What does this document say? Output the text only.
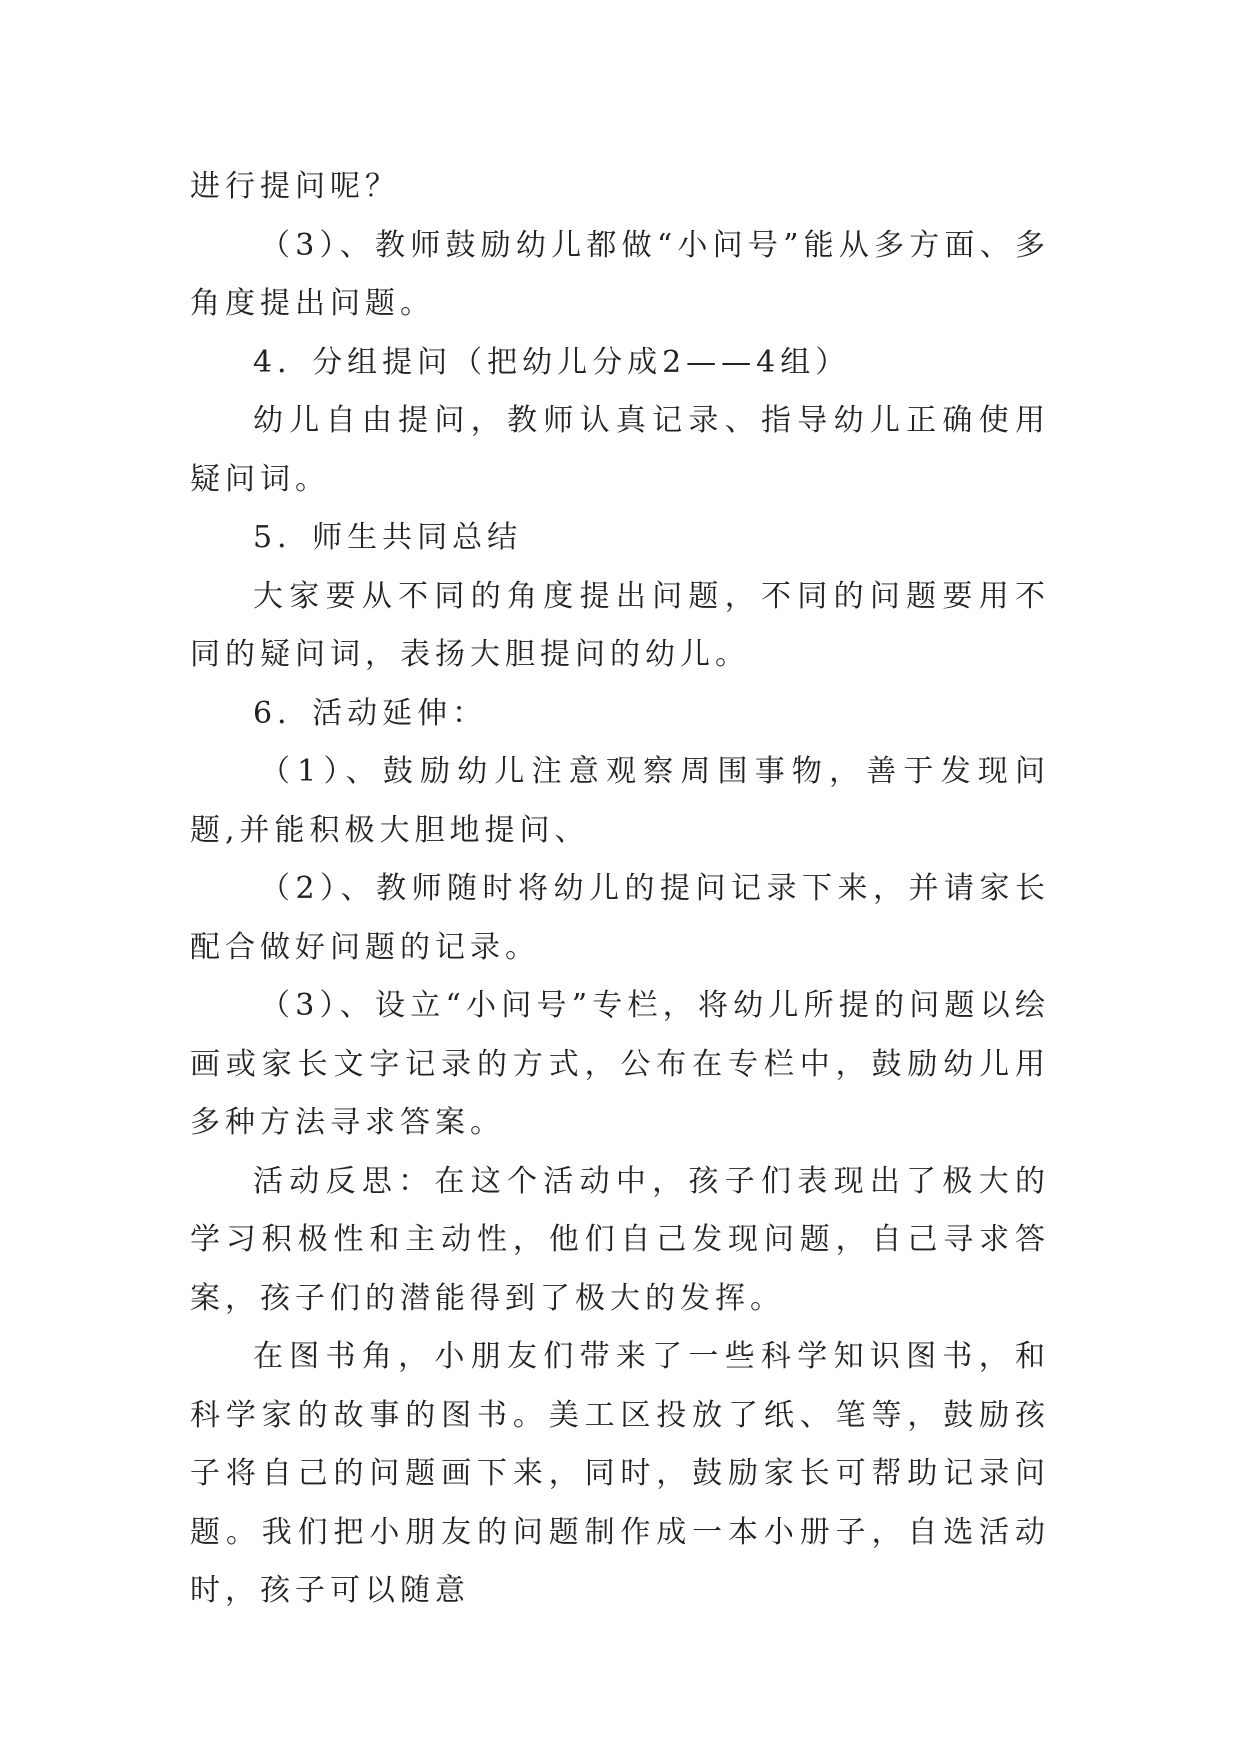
进行提问呢？

（3）、教师鼓励幼儿都做“小问号”能从多方面、多角度提出问题。

4．分组提问（把幼儿分成2——4组）

幼儿自由提问，教师认真记录、指导幼儿正确使用疑问词。

5．师生共同总结

大家要从不同的角度提出问题，不同的问题要用不同的疑问词，表扬大胆提问的幼儿。

6．活动延伸：

（1）、鼓励幼儿注意观察周围事物，善于发现问题,并能积极大胆地提问、

（2）、教师随时将幼儿的提问记录下来，并请家长配合做好问题的记录。

（3）、设立“小问号”专栏，将幼儿所提的问题以绘画或家长文字记录的方式，公布在专栏中，鼓励幼儿用多种方法寻求答案。

活动反思：在这个活动中，孩子们表现出了极大的学习积极性和主动性，他们自己发现问题，自己寻求答案，孩子们的潜能得到了极大的发挥。

在图书角，小朋友们带来了一些科学知识图书，和科学家的故事的图书。美工区投放了纸、笔等，鼓励孩子将自己的问题画下来，同时，鼓励家长可帮助记录问题。我们把小朋友的问题制作成一本小册子，自选活动时，孩子可以随意
